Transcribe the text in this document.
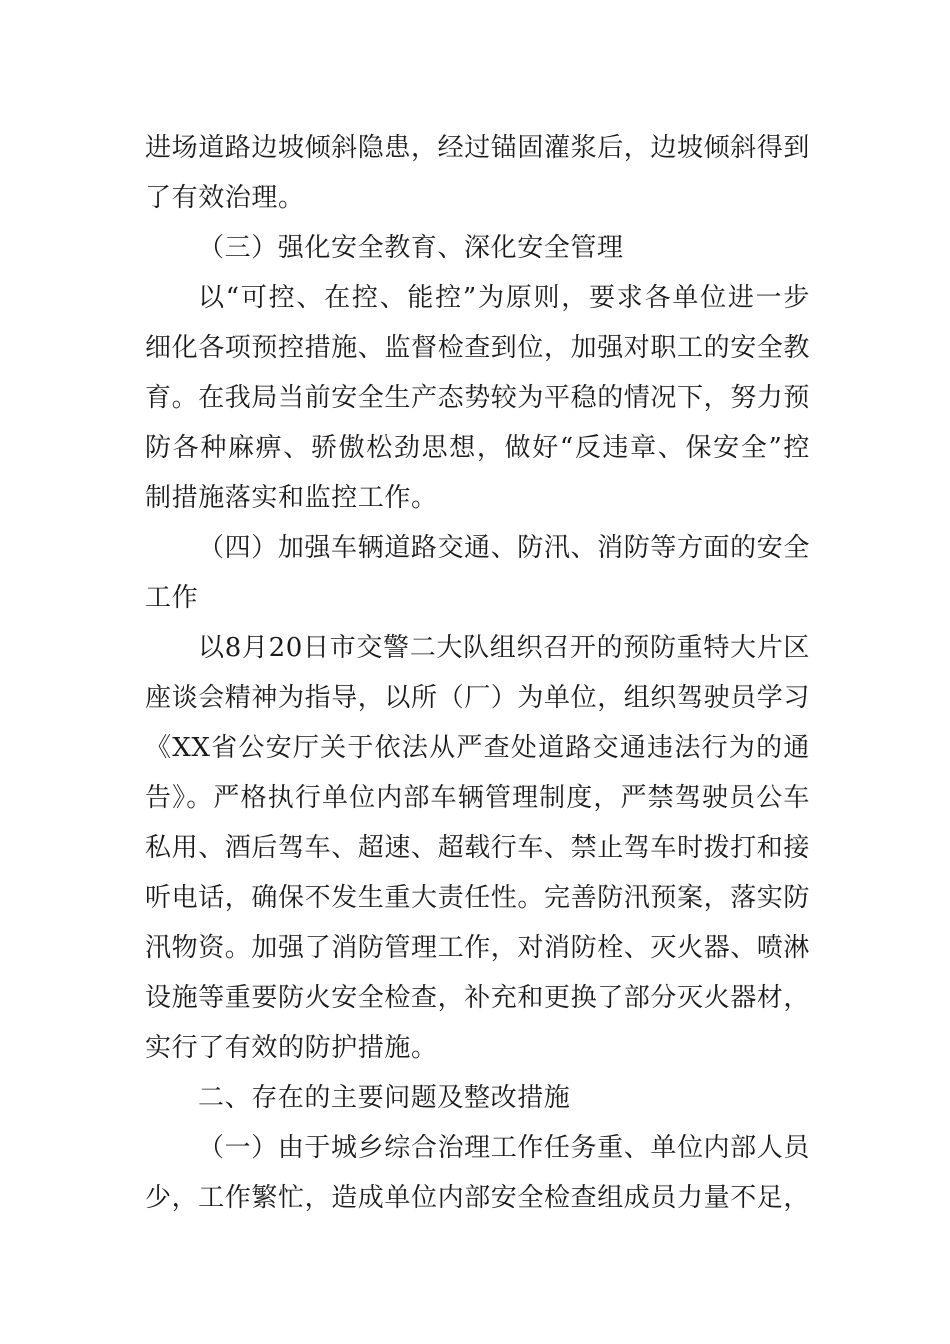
进场道路边坡倾斜隐患，经过锚固灌浆后，边坡倾斜得到
了有效治理。
（三）强化安全教育、深化安全管理
以“可控、在控、能控”为原则，要求各单位进一步
细化各项预控措施、监督检查到位，加强对职工的安全教
育。在我局当前安全生产态势较为平稳的情况下，努力预
防各种麻痹、骄傲松劲思想，做好“反违章、保安全”控
制措施落实和监控工作。
（四）加强车辆道路交通、防汛、消防等方面的安全
工作
以8月20日市交警二大队组织召开的预防重特大片区
座谈会精神为指导，以所（厂）为单位，组织驾驶员学习
《XX省公安厅关于依法从严查处道路交通违法行为的通
告》。严格执行单位内部车辆管理制度，严禁驾驶员公车
私用、酒后驾车、超速、超载行车、禁止驾车时拨打和接
听电话，确保不发生重大责任性。完善防汛预案，落实防
汛物资。加强了消防管理工作，对消防栓、灭火器、喷淋
设施等重要防火安全检查，补充和更换了部分灭火器材，
实行了有效的防护措施。
二、存在的主要问题及整改措施
（一）由于城乡综合治理工作任务重、单位内部人员
少，工作繁忙，造成单位内部安全检查组成员力量不足，
